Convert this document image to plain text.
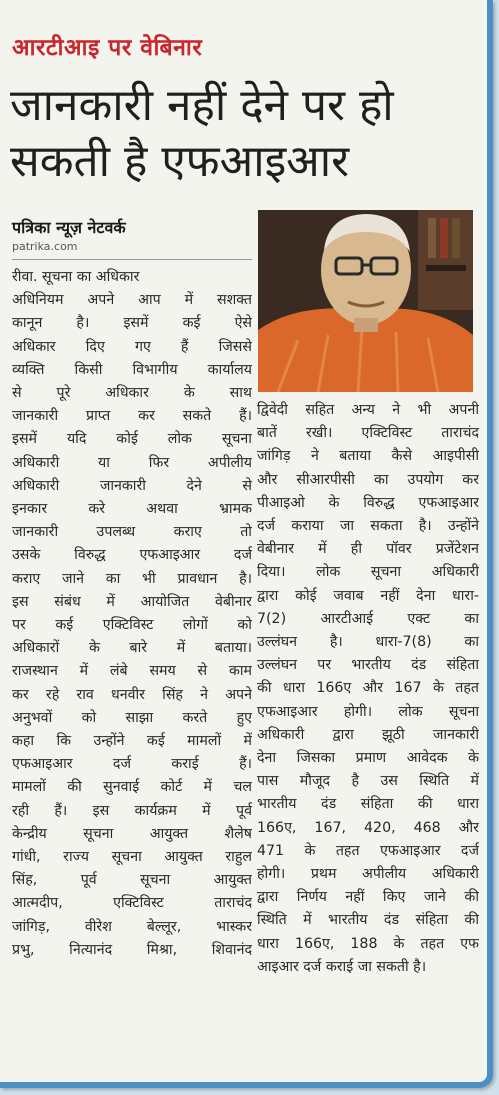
आरटीआइ पर वेबिनार
जानकारी नहीं देने पर हो
सकती है एफआइआर
पत्रिका न्यूज़ नेटवर्क
patrika.com
रीवा. सूचना का अधिकार
अधिनियम अपने आप में सशक्त
कानून है। इसमें कई ऐसे
अधिकार दिए गए हैं जिससे
व्यक्ति किसी विभागीय कार्यालय
से पूरे अधिकार के साथ
जानकारी प्राप्त कर सकते हैं।
इसमें यदि कोई लोक सूचना
अधिकारी या फिर अपीलीय
अधिकारी जानकारी देने से
इनकार करे अथवा भ्रामक
जानकारी उपलब्ध कराए तो
उसके विरुद्ध एफआइआर दर्ज
कराए जाने का भी प्रावधान है।
इस संबंध में आयोजित वेबीनार
पर कई एक्टिविस्ट लोगों को
अधिकारों के बारे में बताया।
राजस्थान में लंबे समय से काम
कर रहे राव धनवीर सिंह ने अपने
अनुभवों को साझा करते हुए
कहा कि उन्होंने कई मामलों में
एफआइआर दर्ज कराई हैं।
मामलों की सुनवाई कोर्ट में चल
रही हैं। इस कार्यक्रम में पूर्व
केन्द्रीय सूचना आयुक्त शैलेष
गांधी, राज्य सूचना आयुक्त राहुल
सिंह, पूर्व सूचना आयुक्त
आत्मदीप, एक्टिविस्ट ताराचंद
जांगिड़, वीरेश बेल्लूर, भास्कर
प्रभु, नित्यानंद मिश्रा, शिवानंद
द्विवेदी सहित अन्य ने भी अपनी
बातें रखी। एक्टिविस्ट ताराचंद
जांगिड़ ने बताया कैसे आइपीसी
और सीआरपीसी का उपयोग कर
पीआइओ के विरुद्ध एफआइआर
दर्ज कराया जा सकता है। उन्होंने
वेबीनार में ही पॉवर प्रजेंटेशन
दिया। लोक सूचना अधिकारी
द्वारा कोई जवाब नहीं देना धारा-
7(2) आरटीआई एक्ट का
उल्लंघन है। धारा-7(8) का
उल्लंघन पर भारतीय दंड संहिता
की धारा 166ए और 167 के तहत
एफआइआर होगी। लोक सूचना
अधिकारी द्वारा झूठी जानकारी
देना जिसका प्रमाण आवेदक के
पास मौजूद है उस स्थिति में
भारतीय दंड संहिता की धारा
166ए, 167, 420, 468 और
471 के तहत एफआइआर दर्ज
होगी। प्रथम अपीलीय अधिकारी
द्वारा निर्णय नहीं किए जाने की
स्थिति में भारतीय दंड संहिता की
धारा 166ए, 188 के तहत एफ
आइआर दर्ज कराई जा सकती है।
